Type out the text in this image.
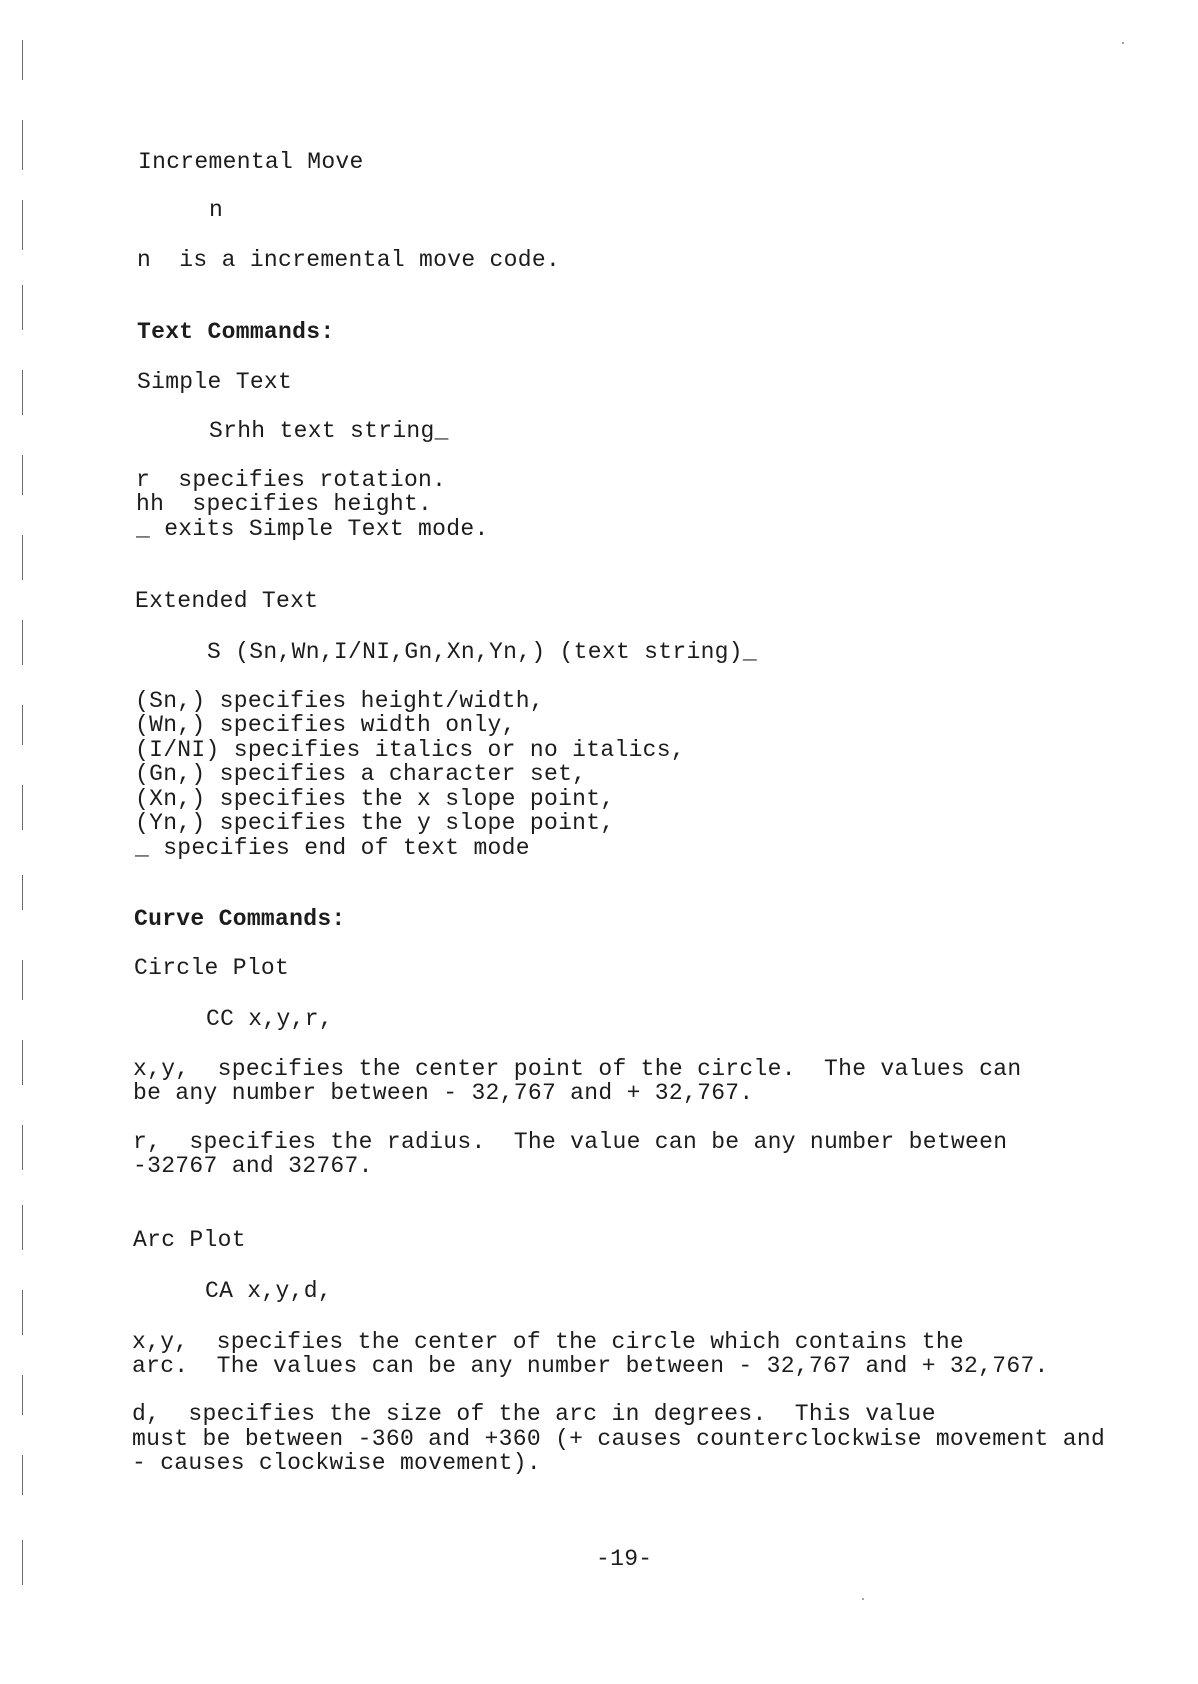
Incremental Move

n

n  is a incremental move code.

Text Commands:

Simple Text

Srhh text string_

r  specifies rotation.

hh  specifies height.

_ exits Simple Text mode.

Extended Text

S (Sn,Wn,I/NI,Gn,Xn,Yn,) (text string)_

(Sn,) specifies height/width,

(Wn,) specifies width only,

(I/NI) specifies italics or no italics,

(Gn,) specifies a character set,

(Xn,) specifies the x slope point,

(Yn,) specifies the y slope point,

_ specifies end of text mode

Curve Commands:

Circle Plot

CC x,y,r,

x,y,  specifies the center point of the circle.  The values can

be any number between - 32,767 and + 32,767.

r,  specifies the radius.  The value can be any number between

-32767 and 32767.

Arc Plot

CA x,y,d,

x,y,  specifies the center of the circle which contains the

arc.  The values can be any number between - 32,767 and + 32,767.

d,  specifies the size of the arc in degrees.  This value

must be between -360 and +360 (+ causes counterclockwise movement and

- causes clockwise movement).

-19-
